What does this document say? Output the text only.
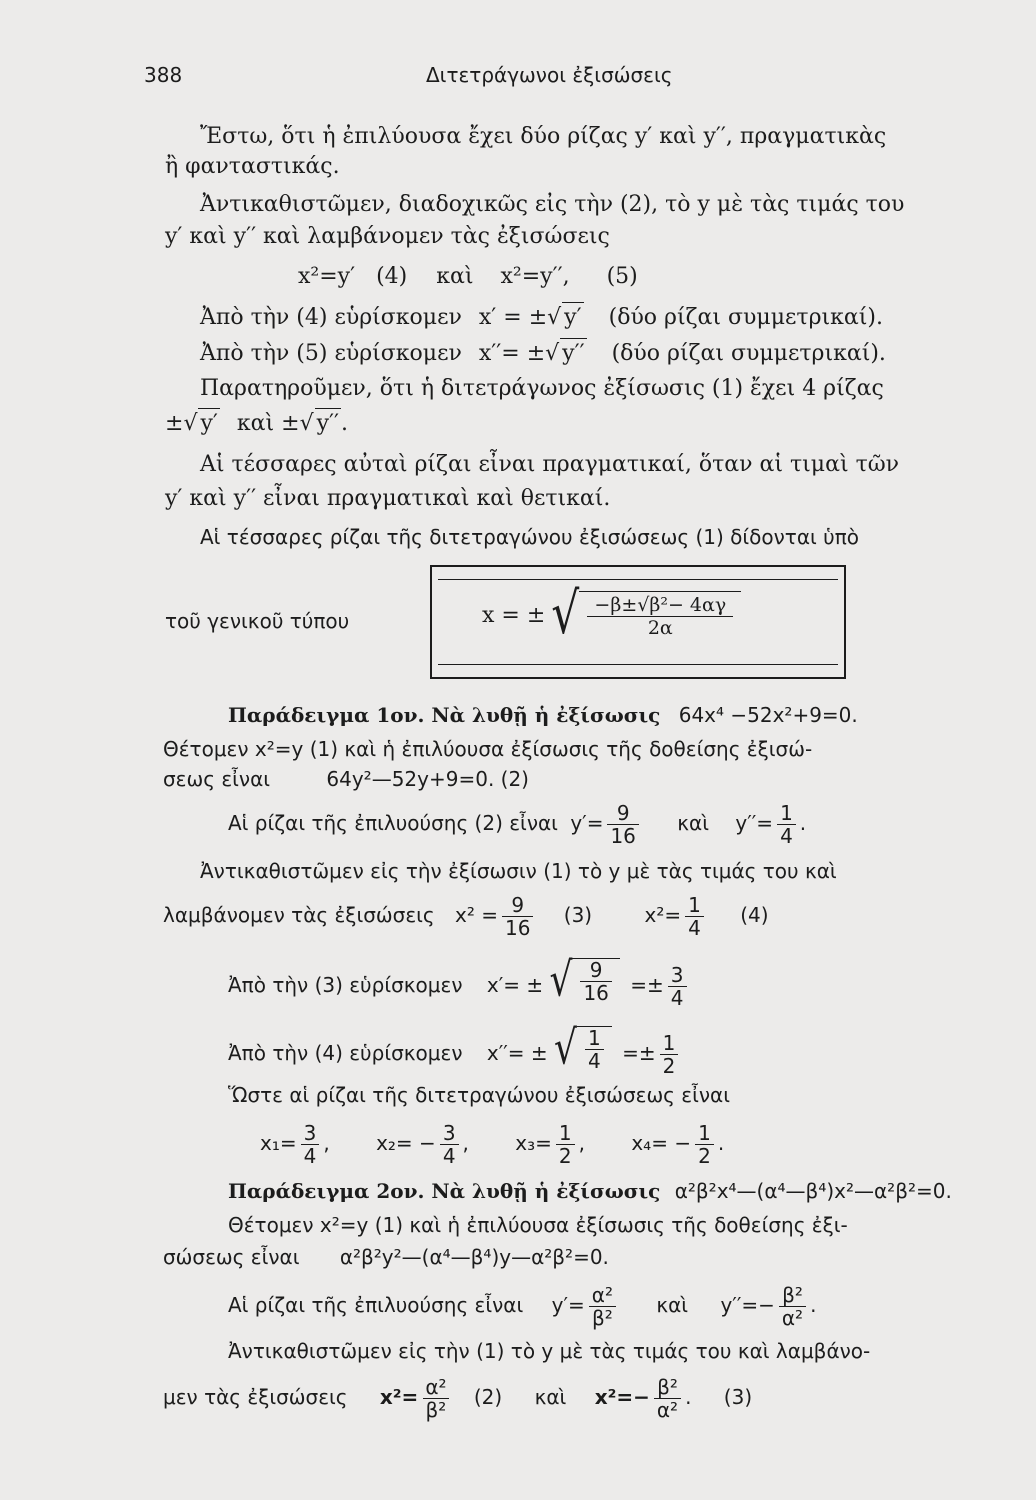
388	Διτετράγωνοι ἐξισώσεις
Ἔστω, ὅτι ἡ ἐπιλύουσα ἔχει δύο ρίζας y′ καὶ y′′, πραγματικὰς
ἢ φανταστικάς.
Ἀντικαθιστῶμεν, διαδοχικῶς εἰς τὴν (2), τὸ y μὲ τὰς τιμάς του
y′ καὶ y′′ καὶ λαμβάνομεν τὰς ἐξισώσεις
x²=y′ (4) καὶ x²=y′′, (5)
Ἀπὸ τὴν (4) εὑρίσκομεν x′ = ±√ y′ (δύο ρίζαι συμμετρικαί).
Ἀπὸ τὴν (5) εὑρίσκομεν x′′= ±√ y′′ (δύο ρίζαι συμμετρικαί).
Παρατηροῦμεν, ὅτι ἡ διτετράγωνος ἐξίσωσις (1) ἔχει 4 ρίζας
±√ y′ καὶ ±√ y′′.
Αἱ τέσσαρες αὐταὶ ρίζαι εἶναι πραγματικαί, ὅταν αἱ τιμαὶ τῶν
y′ καὶ y′′ εἶναι πραγματικαὶ καὶ θετικαί.
Αἱ τέσσαρες ρίζαι τῆς διτετραγώνου ἐξισώσεως (1) δίδονται ὑπὸ
τοῦ γενικοῦ τύπου	x = ± √ $\frac{\text{−β±√β²− 4αγ}}{2\alpha}$
Παράδειγμα 1ον. Νὰ λυθῇ ἡ ἐξίσωσις 64x⁴ −52x²+9=0.
Θέτομεν x²=y (1) καὶ ἡ ἐπιλύουσα ἐξίσωσις τῆς δοθείσης ἐξισώ-
σεως εἶναι	64y²—52y+9=0. (2)
Αἱ ρίζαι τῆς ἐπιλυούσης (2) εἶναι $y'= \frac{9}{16}$ καὶ $y''= \frac{1}{4}$ .
Ἀντικαθιστῶμεν εἰς τὴν ἐξίσωσιν (1) τὸ y μὲ τὰς τιμάς του καὶ
λαμβάνομεν τὰς ἐξισώσεις $x^2 = \frac{9}{16} (3)$	$x^2= \frac{1}{4} (4)$
Ἀπὸ τὴν (3) εὑρίσκομεν x′= ± √ $\frac{9}{16} =\pm \frac{3}{4}$
Ἀπὸ τὴν (4) εὑρίσκομεν x′′= ± √ $\frac{1}{4} =\pm \frac{1}{2}$
Ὥστε αἱ ρίζαι τῆς διτετραγώνου ἐξισώσεως εἶναι
$x_1= \frac{3}{4}$ , $x_2= - \frac{3}{4}$ , $x_3= \frac{1}{2}$ , $x_4= - \frac{1}{2}$ .
Παράδειγμα 2ον. Νὰ λυθῇ ἡ ἐξίσωσις α²β²x⁴—(α⁴—β⁴)x²—α²β²=0.
Θέτομεν x²=y (1) καὶ ἡ ἐπιλύουσα ἐξίσωσις τῆς δοθείσης ἐξι-
σώσεως εἶναι α²β²y²—(α⁴—β⁴)y—α²β²=0.
Αἱ ρίζαι τῆς ἐπιλυούσης εἶναι $y'= \frac{\text{α²}}{\text{β²}}$ καὶ $y''=- \frac{\text{β²}}{\text{α²}}$ .
Ἀντικαθιστῶμεν εἰς τὴν (1) τὸ y μὲ τὰς τιμάς του καὶ λαμβάνο-
μεν τὰς ἐξισώσεις $x^2= \frac{\text{α²}}{\text{β²}} (2)$ καὶ $x^2=- \frac{\text{β²}}{\text{α²}}$ . (3)
